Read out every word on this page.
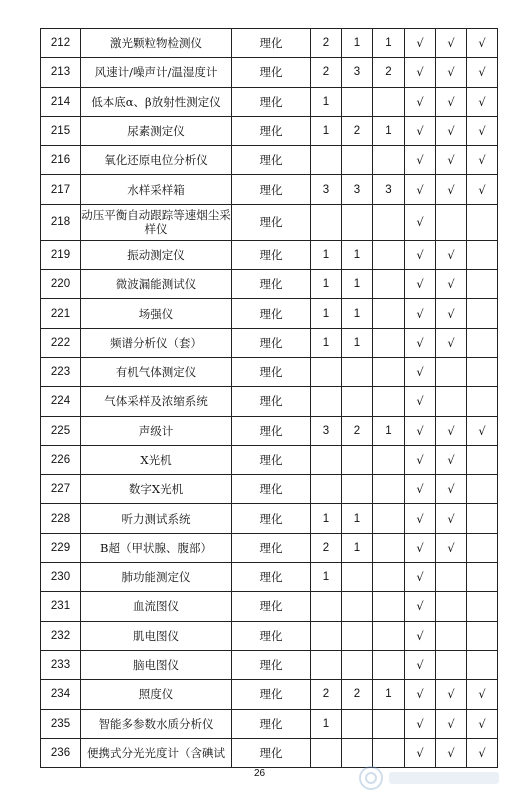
212	激光颗粒物检测仪	理化	2	1	1	√	√	√
213	风速计/噪声计/温湿度计	理化	2	3	2	√	√	√
214	低本底α、β放射性测定仪	理化	1			√	√	√
215	尿素测定仪	理化	1	2	1	√	√	√
216	氧化还原电位分析仪	理化				√	√	√
217	水样采样箱	理化	3	3	3	√	√	√
218	动压平衡自动跟踪等速烟尘采样仪	理化				√		
219	振动测定仪	理化	1	1		√	√	
220	微波漏能测试仪	理化	1	1		√	√	
221	场强仪	理化	1	1		√	√	
222	频谱分析仪（套）	理化	1	1		√	√	
223	有机气体测定仪	理化				√		
224	气体采样及浓缩系统	理化				√		
225	声级计	理化	3	2	1	√	√	√
226	X光机	理化				√	√	
227	数字X光机	理化				√	√	
228	听力测试系统	理化	1	1		√	√	
229	B超（甲状腺、腹部）	理化	2	1		√	√	
230	肺功能测定仪	理化	1			√		
231	血流图仪	理化				√		
232	肌电图仪	理化				√		
233	脑电图仪	理化				√		
234	照度仪	理化	2	2	1	√	√	√
235	智能多参数水质分析仪	理化	1			√	√	√
236	便携式分光光度计（含碘试	理化				√	√	√
26
